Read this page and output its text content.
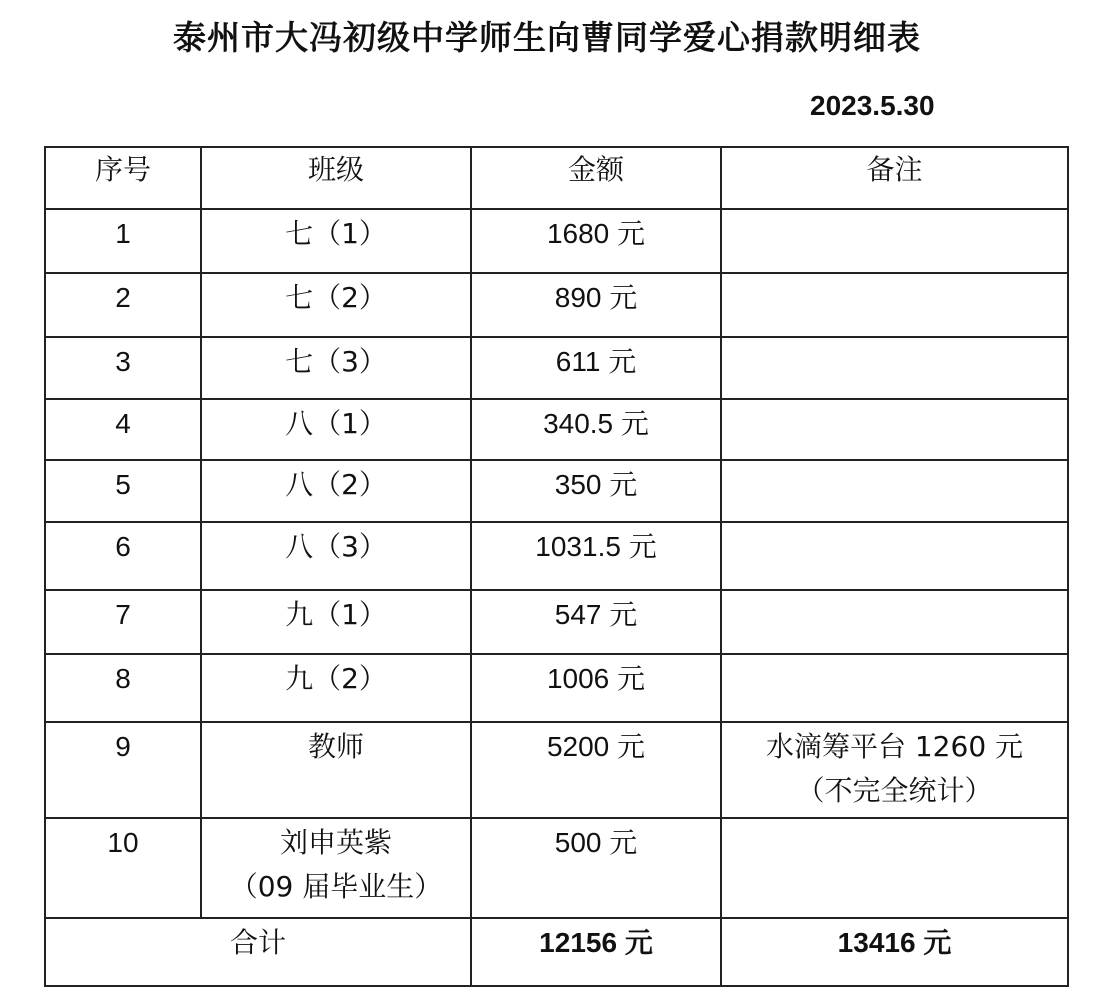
泰州市大冯初级中学师生向曹同学爱心捐款明细表
2023.5.30
序号	班级	金额	备注

1	七（1）	1680 元	

2	七（2）	890 元	

3	七（3）	611 元	

4	八（1）	340.5 元	

5	八（2）	350 元	

6	八（3）	1031.5 元	

7	九（1）	547 元	

8	九（2）	1006 元	

9	教师	5200 元	水滴筹平台 1260 元
（不完全统计）

10	刘申英紫
（09 届毕业生）	500 元	

合计		12156 元	13416 元
